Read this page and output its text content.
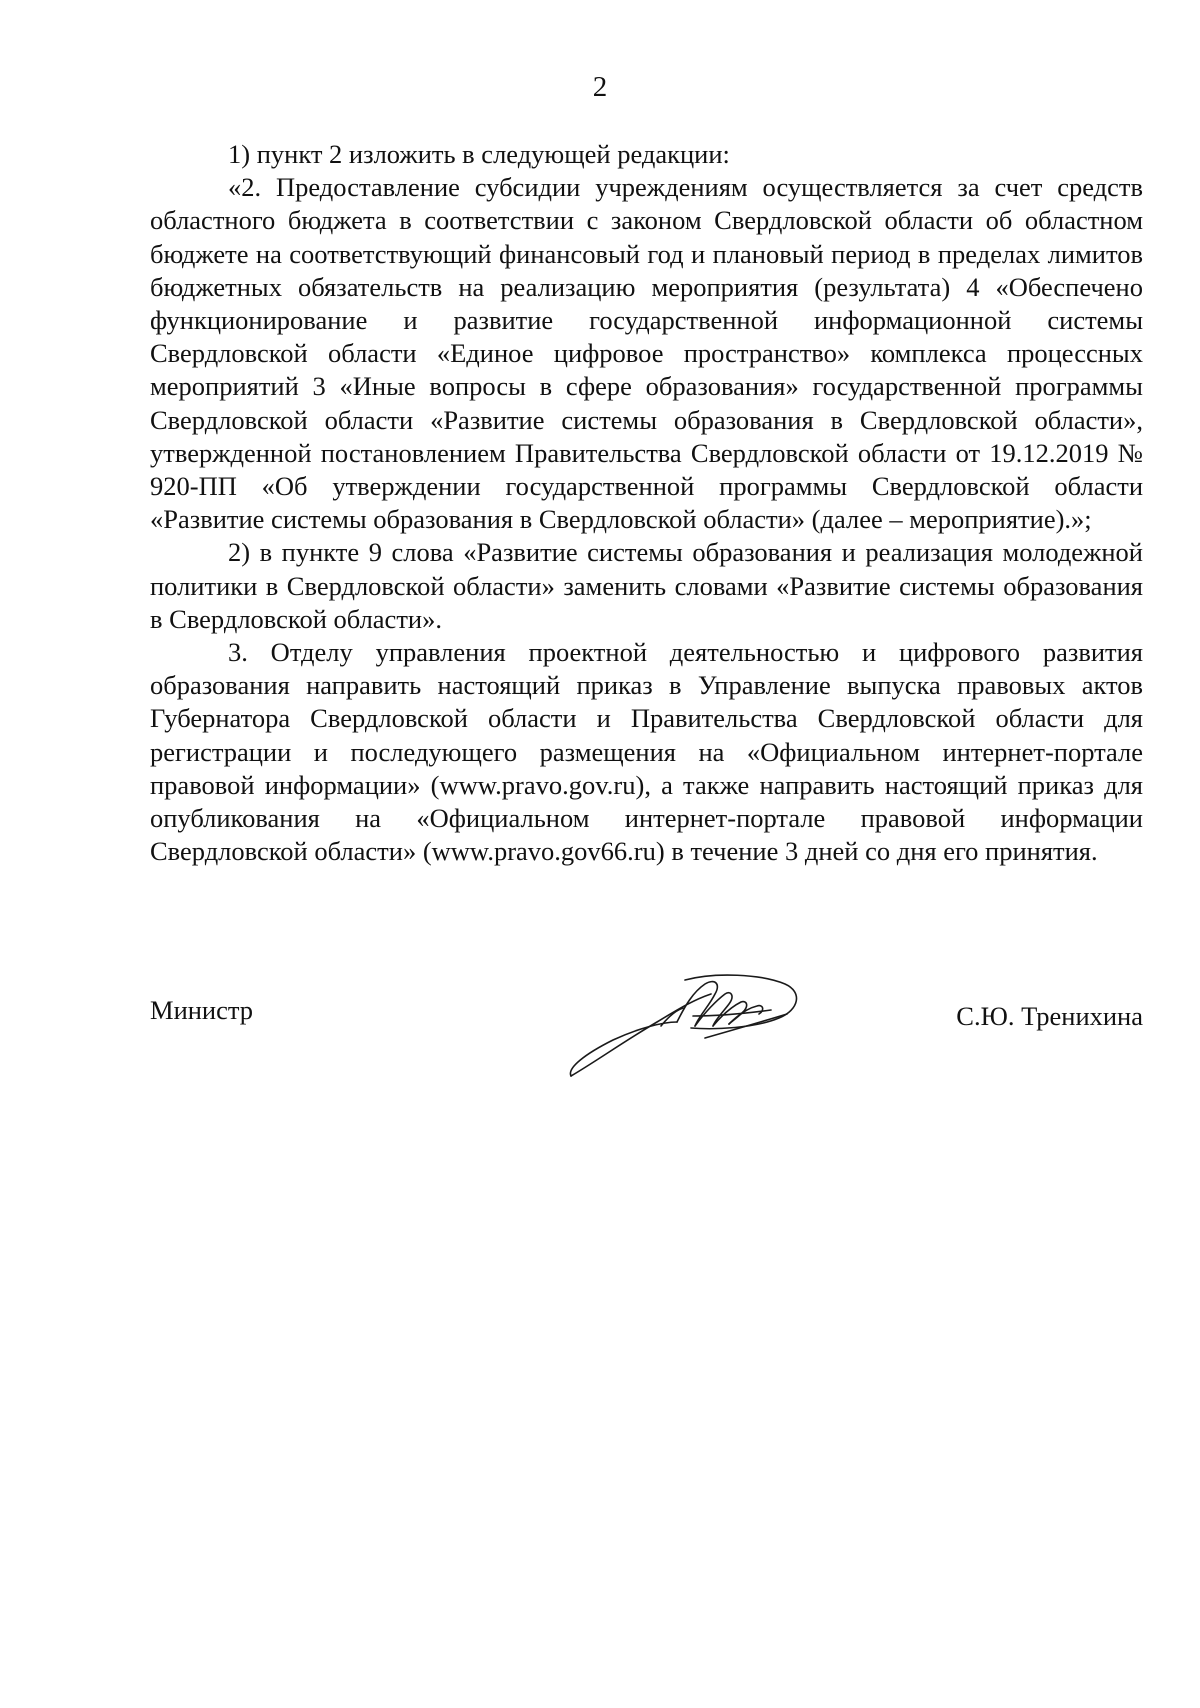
2

1) пункт 2 изложить в следующей редакции:

«2. Предоставление субсидии учреждениям осуществляется за счет средств областного бюджета в соответствии с законом Свердловской области об областном бюджете на соответствующий финансовый год и плановый период в пределах лимитов бюджетных обязательств на реализацию мероприятия (результата) 4 «Обеспечено функционирование и развитие государственной информационной системы Свердловской области «Единое цифровое пространство» комплекса процессных мероприятий 3 «Иные вопросы в сфере образования» государственной программы Свердловской области «Развитие системы образования в Свердловской области», утвержденной постановлением Правительства Свердловской области от 19.12.2019 № 920-ПП «Об утверждении государственной программы Свердловской области «Развитие системы образования в Свердловской области» (далее – мероприятие).»;

2) в пункте 9 слова «Развитие системы образования и реализация молодежной политики в Свердловской области» заменить словами «Развитие системы образования в Свердловской области».

3. Отделу управления проектной деятельностью и цифрового развития образования направить настоящий приказ в Управление выпуска правовых актов Губернатора Свердловской области и Правительства Свердловской области для регистрации и последующего размещения на «Официальном интернет-портале правовой информации» (www.pravo.gov.ru), а также направить настоящий приказ для опубликования на «Официальном интернет-портале правовой информации Свердловской области» (www.pravo.gov66.ru) в течение 3 дней со дня его принятия.

Министр	С.Ю. Тренихина
